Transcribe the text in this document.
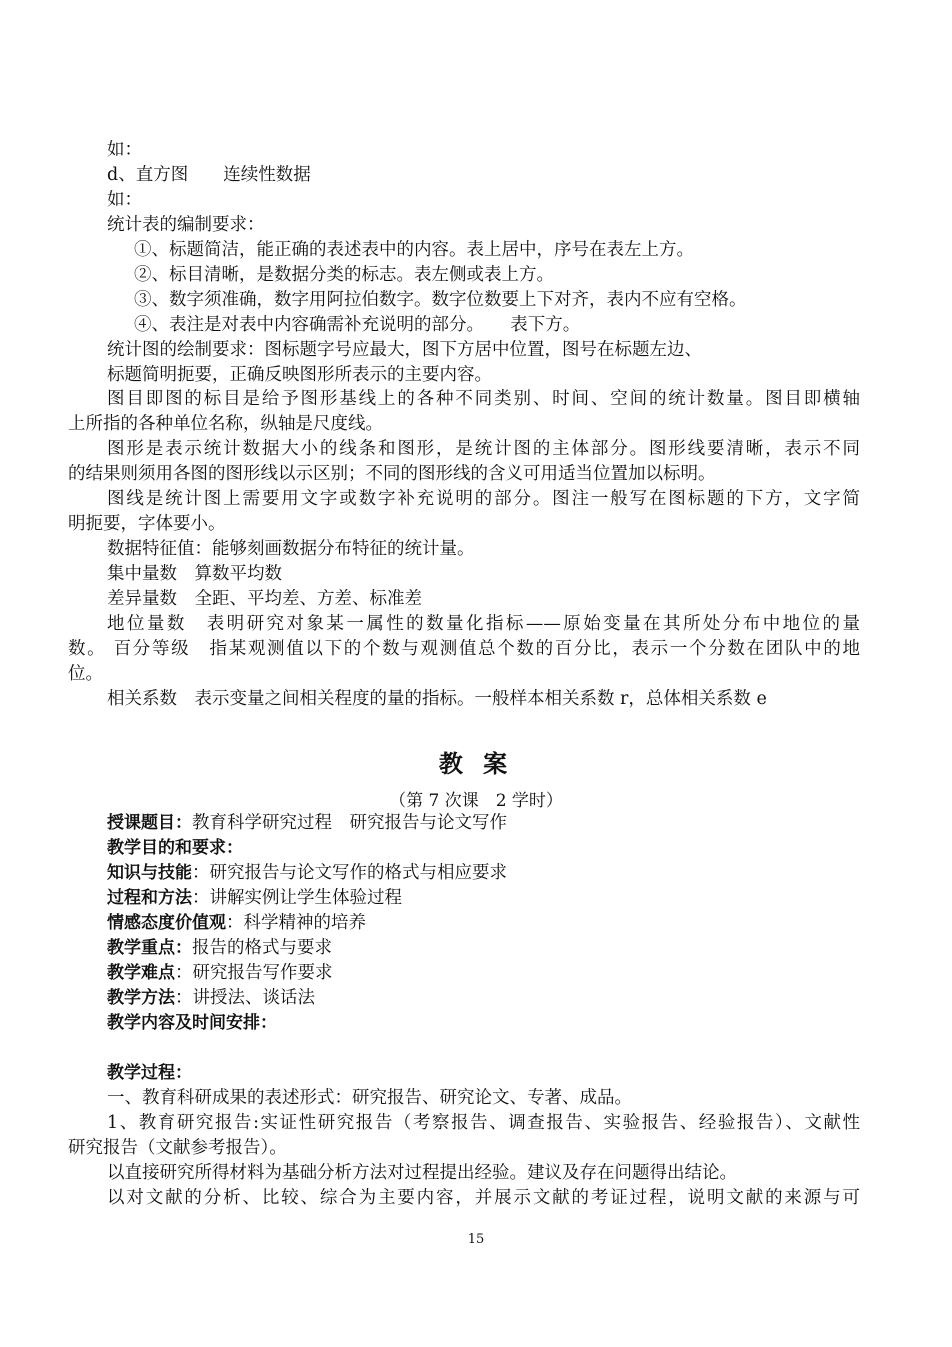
如：
d、直方图　　连续性数据
如：
统计表的编制要求：
①、标题简洁，能正确的表述表中的内容。表上居中，序号在表左上方。
②、标目清晰，是数据分类的标志。表左侧或表上方。
③、数字须准确，数字用阿拉伯数字。数字位数要上下对齐，表内不应有空格。
④、表注是对表中内容确需补充说明的部分。　　表下方。
统计图的绘制要求：图标题字号应最大，图下方居中位置，图号在标题左边、
标题简明扼要，正确反映图形所表示的主要内容。
图目即图的标目是给予图形基线上的各种不同类别、时间、空间的统计数量。图目即横轴
上所指的各种单位名称，纵轴是尺度线。
图形是表示统计数据大小的线条和图形，是统计图的主体部分。图形线要清晰，表示不同
的结果则须用各图的图形线以示区别；不同的图形线的含义可用适当位置加以标明。
图线是统计图上需要用文字或数字补充说明的部分。图注一般写在图标题的下方，文字简
明扼要，字体要小。
数据特征值：能够刻画数据分布特征的统计量。
集中量数　算数平均数
差异量数　全距、平均差、方差、标准差
地位量数　表明研究对象某一属性的数量化指标——原始变量在其所处分布中地位的量
数。 百分等级　指某观测值以下的个数与观测值总个数的百分比，表示一个分数在团队中的地
位。
相关系数　表示变量之间相关程度的量的指标。一般样本相关系数 r，总体相关系数 e
教 案
（第 7 次课　2 学时）
授课题目：教育科学研究过程　研究报告与论文写作
教学目的和要求：
知识与技能：研究报告与论文写作的格式与相应要求
过程和方法：讲解实例让学生体验过程
情感态度价值观：科学精神的培养
教学重点：报告的格式与要求
教学难点：研究报告写作要求
教学方法：讲授法、谈话法
教学内容及时间安排：
教学过程：
一、教育科研成果的表述形式：研究报告、研究论文、专著、成品。
1、教育研究报告:实证性研究报告（考察报告、调查报告、实验报告、经验报告）、文献性
研究报告（文献参考报告）。
以直接研究所得材料为基础分析方法对过程提出经验。建议及存在问题得出结论。
以对文献的分析、比较、综合为主要内容，并展示文献的考证过程，说明文献的来源与可
15
